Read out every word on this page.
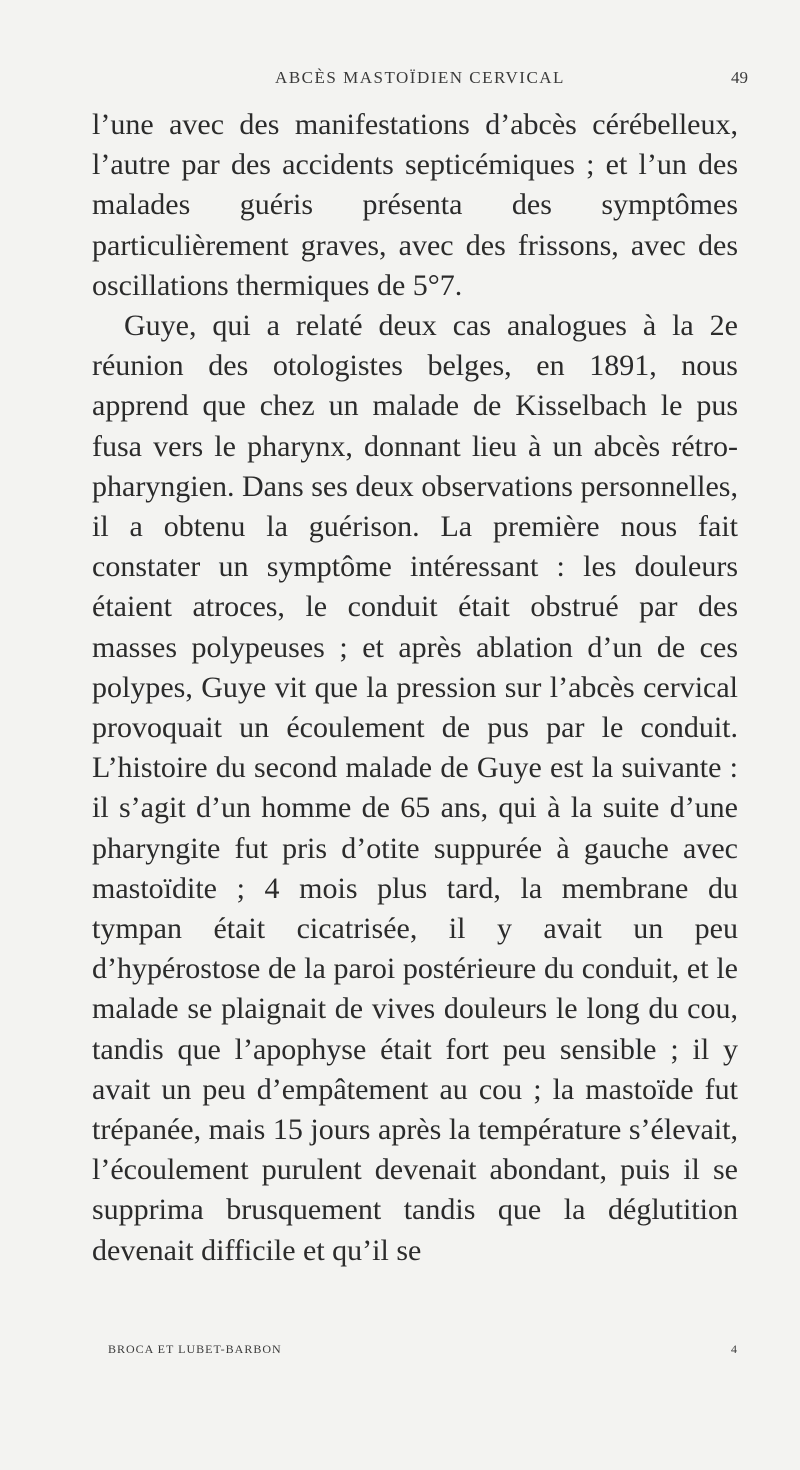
ABCÈS MASTOÏDIEN CERVICAL	49

l’une avec des manifestations d’abcès cérébelleux, l’autre par des accidents septicémiques ; et l’un des malades guéris présenta des symptômes particulièrement graves, avec des frissons, avec des oscillations thermiques de 5°7.

Guye, qui a relaté deux cas analogues à la 2e réunion des otologistes belges, en 1891, nous apprend que chez un malade de Kisselbach le pus fusa vers le pharynx, donnant lieu à un abcès rétro-pharyngien. Dans ses deux observations personnelles, il a obtenu la guérison. La première nous fait constater un symptôme intéressant : les douleurs étaient atroces, le conduit était obstrué par des masses polypeuses ; et après ablation d’un de ces polypes, Guye vit que la pression sur l’abcès cervical provoquait un écoulement de pus par le conduit. L’histoire du second malade de Guye est la suivante : il s’agit d’un homme de 65 ans, qui à la suite d’une pharyngite fut pris d’otite suppurée à gauche avec mastoïdite ; 4 mois plus tard, la membrane du tympan était cicatrisée, il y avait un peu d’hypérostose de la paroi postérieure du conduit, et le malade se plaignait de vives douleurs le long du cou, tandis que l’apophyse était fort peu sensible ; il y avait un peu d’empâtement au cou ; la mastoïde fut trépanée, mais 15 jours après la température s’élevait, l’écoulement purulent devenait abondant, puis il se supprima brusquement tandis que la déglutition devenait difficile et qu’il se

BROCA ET LUBET-BARBON	4
